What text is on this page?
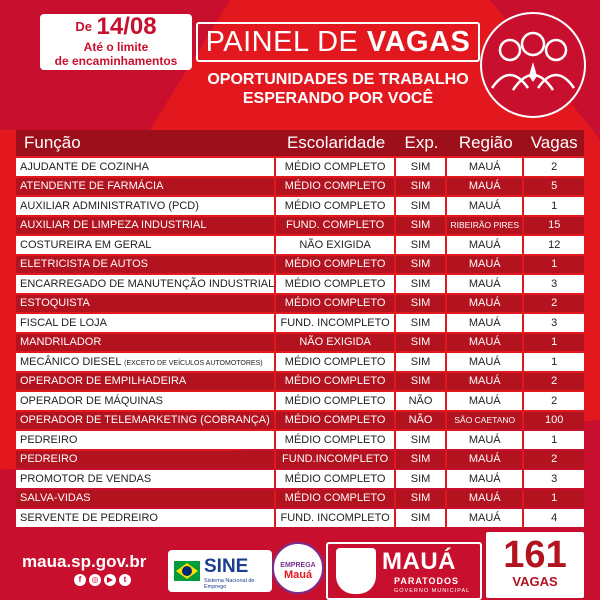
$^{De}$ 14/08
Até o limite
de encaminhamentos
PAINEL DE VAGAS
OPORTUNIDADES DE TRABALHO
ESPERANDO POR VOCÊ
Função	Escolaridade	Exp.	Região	Vagas
AJUDANTE DE COZINHA	MÉDIO COMPLETO	SIM	MAUÁ	2
ATENDENTE DE FARMÁCIA	MÉDIO COMPLETO	SIM	MAUÁ	5
AUXILIAR ADMINISTRATIVO (PCD)	MÉDIO COMPLETO	SIM	MAUÁ	1
AUXILIAR DE LIMPEZA INDUSTRIAL	FUND. COMPLETO	SIM	RIBEIRÃO PIRES	15
COSTUREIRA EM GERAL	NÃO EXIGIDA	SIM	MAUÁ	12
ELETRICISTA DE AUTOS	MÉDIO COMPLETO	SIM	MAUÁ	1
ENCARREGADO DE MANUTENÇÃO INDUSTRIAL	MÉDIO COMPLETO	SIM	MAUÁ	3
ESTOQUISTA	MÉDIO COMPLETO	SIM	MAUÁ	2
FISCAL DE LOJA	FUND. INCOMPLETO	SIM	MAUÁ	3
MANDRILADOR	NÃO EXIGIDA	SIM	MAUÁ	1
MECÂNICO DIESEL (EXCETO DE VEÍCULOS AUTOMOTORES)	MÉDIO COMPLETO	SIM	MAUÁ	1
OPERADOR DE EMPILHADEIRA	MÉDIO COMPLETO	SIM	MAUÁ	2
OPERADOR DE MÁQUINAS	MÉDIO COMPLETO	NÃO	MAUÁ	2
OPERADOR DE TELEMARKETING (COBRANÇA)	MÉDIO COMPLETO	NÃO	SÃO CAETANO	100
PEDREIRO	MÉDIO COMPLETO	SIM	MAUÁ	1
PEDREIRO	FUND.INCOMPLETO	SIM	MAUÁ	2
PROMOTOR DE VENDAS	MÉDIO COMPLETO	SIM	MAUÁ	3
SALVA-VIDAS	MÉDIO COMPLETO	SIM	MAUÁ	1
SERVENTE DE PEDREIRO	FUND. INCOMPLETO	SIM	MAUÁ	4
maua.sp.gov.br
f	◎	▶	t
SINE
Sistema Nacional de Emprego
EMPREGA
Mauá	MAUÁ
PARATODOS
GOVERNO MUNICIPAL
161
VAGAS
